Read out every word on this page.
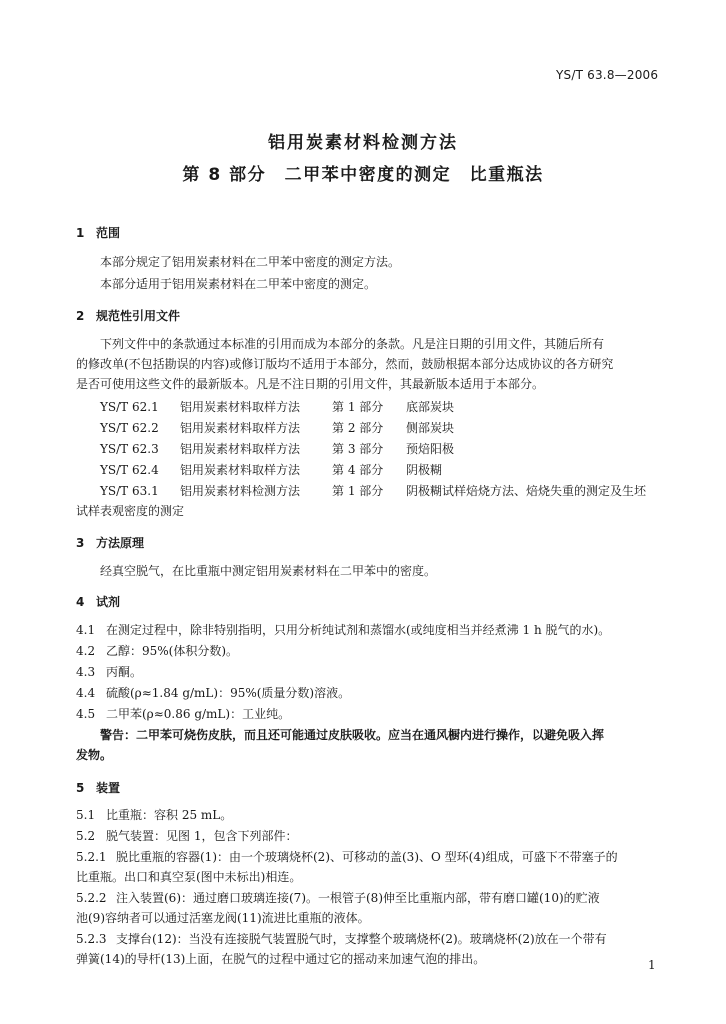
YS/T 63.8—2006
铝用炭素材料检测方法
第 8 部分　二甲苯中密度的测定　比重瓶法
1 范围
本部分规定了铝用炭素材料在二甲苯中密度的测定方法。
本部分适用于铝用炭素材料在二甲苯中密度的测定。
2 规范性引用文件
下列文件中的条款通过本标准的引用而成为本部分的条款。凡是注日期的引用文件，其随后所有
的修改单(不包括勘误的内容)或修订版均不适用于本部分，然而，鼓励根据本部分达成协议的各方研究
是否可使用这些文件的最新版本。凡是不注日期的引用文件，其最新版本适用于本部分。
YS/T 62.1 铝用炭素材料取样方法	第 1 部分 底部炭块
YS/T 62.2 铝用炭素材料取样方法	第 2 部分 侧部炭块
YS/T 62.3 铝用炭素材料取样方法	第 3 部分 预焙阳极
YS/T 62.4 铝用炭素材料取样方法	第 4 部分 阴极糊
YS/T 63.1 铝用炭素材料检测方法	第 1 部分 阴极糊试样焙烧方法、焙烧失重的测定及生坯
试样表观密度的测定
3 方法原理
经真空脱气，在比重瓶中测定铝用炭素材料在二甲苯中的密度。
4 试剂
4.1 在测定过程中，除非特别指明，只用分析纯试剂和蒸馏水(或纯度相当并经煮沸 1 h 脱气的水)。
4.2 乙醇：95%(体积分数)。
4.3 丙酮。
4.4 硫酸(ρ≈1.84 g/mL)：95%(质量分数)溶液。
4.5 二甲苯(ρ≈0.86 g/mL)：工业纯。
警告：二甲苯可烧伤皮肤，而且还可能通过皮肤吸收。应当在通风橱内进行操作，以避免吸入挥
发物。
5 装置
5.1 比重瓶：容积 25 mL。
5.2 脱气装置：见图 1，包含下列部件：
5.2.1 脱比重瓶的容器(1)：由一个玻璃烧杯(2)、可移动的盖(3)、O 型环(4)组成，可盛下不带塞子的
比重瓶。出口和真空泵(图中未标出)相连。
5.2.2 注入装置(6)：通过磨口玻璃连接(7)。一根管子(8)伸至比重瓶内部，带有磨口罐(10)的贮液
池(9)容纳者可以通过活塞龙阀(11)流进比重瓶的液体。
5.2.3 支撑台(12)：当没有连接脱气装置脱气时，支撑整个玻璃烧杯(2)。玻璃烧杯(2)放在一个带有
弹簧(14)的导杆(13)上面，在脱气的过程中通过它的摇动来加速气泡的排出。	1
